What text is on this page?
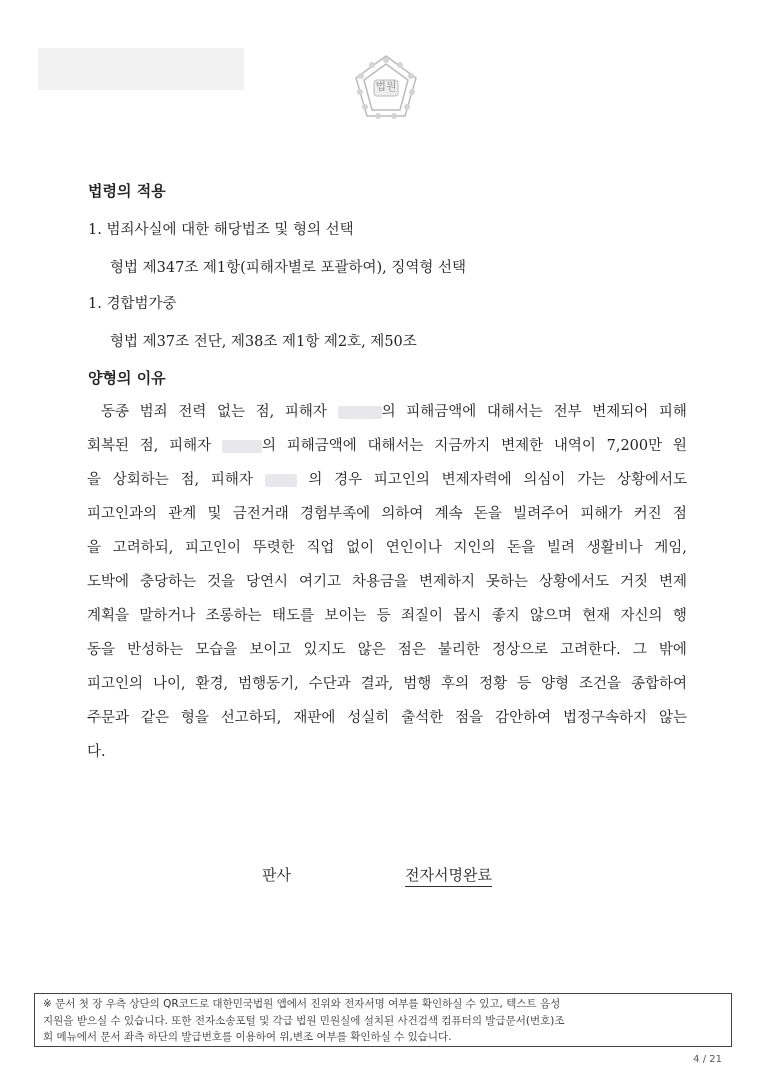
법원
법령의 적용
1. 범죄사실에 대한 해당법조 및 형의 선택
형법 제347조 제1항(피해자별로 포괄하여), 징역형 선택
1. 경합범가중
형법 제37조 전단, 제38조 제1항 제2호, 제50조
양형의 이유
동종 범죄 전력 없는 점, 피해자	의 피해금액에 대해서는 전부 변제되어 피해
회복된 점, 피해자	의 피해금액에 대해서는 지금까지 변제한 내역이 7,200만 원
을 상회하는 점, 피해자	의 경우 피고인의 변제자력에 의심이 가는 상황에서도
피고인과의 관계 및 금전거래 경험부족에 의하여 계속 돈을 빌려주어 피해가 커진 점
을 고려하되, 피고인이 뚜렷한 직업 없이 연인이나 지인의 돈을 빌려 생활비나 게임,
도박에 충당하는 것을 당연시 여기고 차용금을 변제하지 못하는 상황에서도 거짓 변제
계획을 말하거나 조롱하는 태도를 보이는 등 죄질이 몹시 좋지 않으며 현재 자신의 행
동을 반성하는 모습을 보이고 있지도 않은 점은 불리한 정상으로 고려한다. 그 밖에
피고인의 나이, 환경, 범행동기, 수단과 결과, 범행 후의 정황 등 양형 조건을 종합하여
주문과 같은 형을 선고하되, 재판에 성실히 출석한 점을 감안하여 법정구속하지 않는
다.
판사	전자서명완료
※ 문서 첫 장 우측 상단의 QR코드로 대한민국법원 앱에서 진위와 전자서명 여부를 확인하실 수 있고, 텍스트 음성
지원을 받으실 수 있습니다. 또한 전자소송포털 및 각급 법원 민원실에 설치된 사건검색 컴퓨터의 발급문서(번호)조
회 메뉴에서 문서 좌측 하단의 발급번호를 이용하여 위,변조 여부를 확인하실 수 있습니다.
4 / 21
